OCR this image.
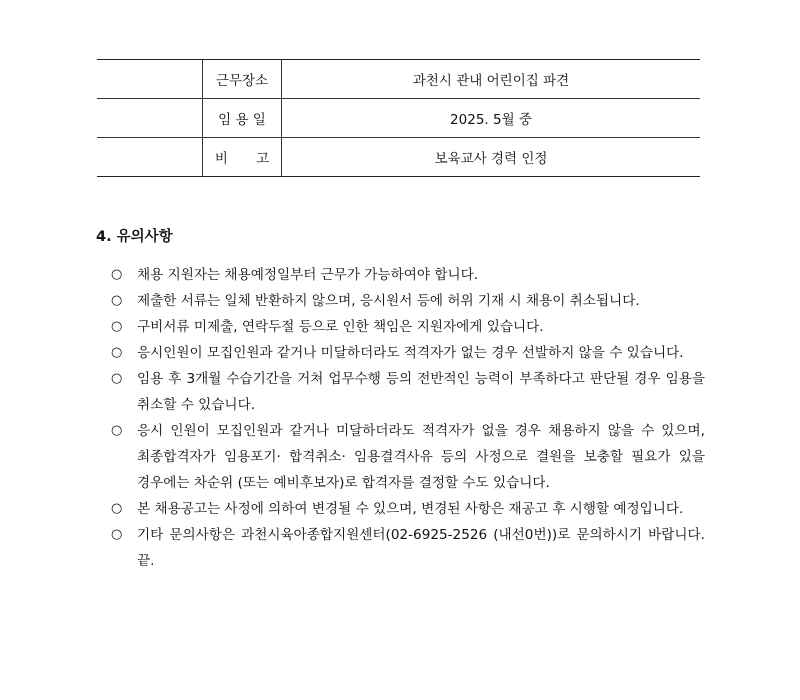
	근무장소	과천시 관내 어린이집 파견
	임 용 일	2025. 5월 중
	비 고	보육교사 경력 인정
4. 유의사항
○	채용 지원자는 채용예정일부터 근무가 가능하여야 합니다.
○	제출한 서류는 일체 반환하지 않으며, 응시원서 등에 허위 기재 시 채용이 취소됩니다.
○	구비서류 미제출, 연락두절 등으로 인한 책임은 지원자에게 있습니다.
○	응시인원이 모집인원과 같거나 미달하더라도 적격자가 없는 경우 선발하지 않을 수 있습니다.
○	임용 후 3개월 수습기간을 거쳐 업무수행 등의 전반적인 능력이 부족하다고 판단될 경우 임용을 취소할 수 있습니다.
○	응시 인원이 모집인원과 같거나 미달하더라도 적격자가 없을 경우 채용하지 않을 수 있으며, 최종합격자가 임용포기· 합격취소· 임용결격사유 등의 사정으로 결원을 보충할 필요가 있을 경우에는 차순위 (또는 예비후보자)로 합격자를 결정할 수도 있습니다.
○	본 채용공고는 사정에 의하여 변경될 수 있으며, 변경된 사항은 재공고 후 시행할 예정입니다.
○	기타 문의사항은 과천시육아종합지원센터(02-6925-2526 (내선0번))로 문의하시기 바랍니다. 끝.
